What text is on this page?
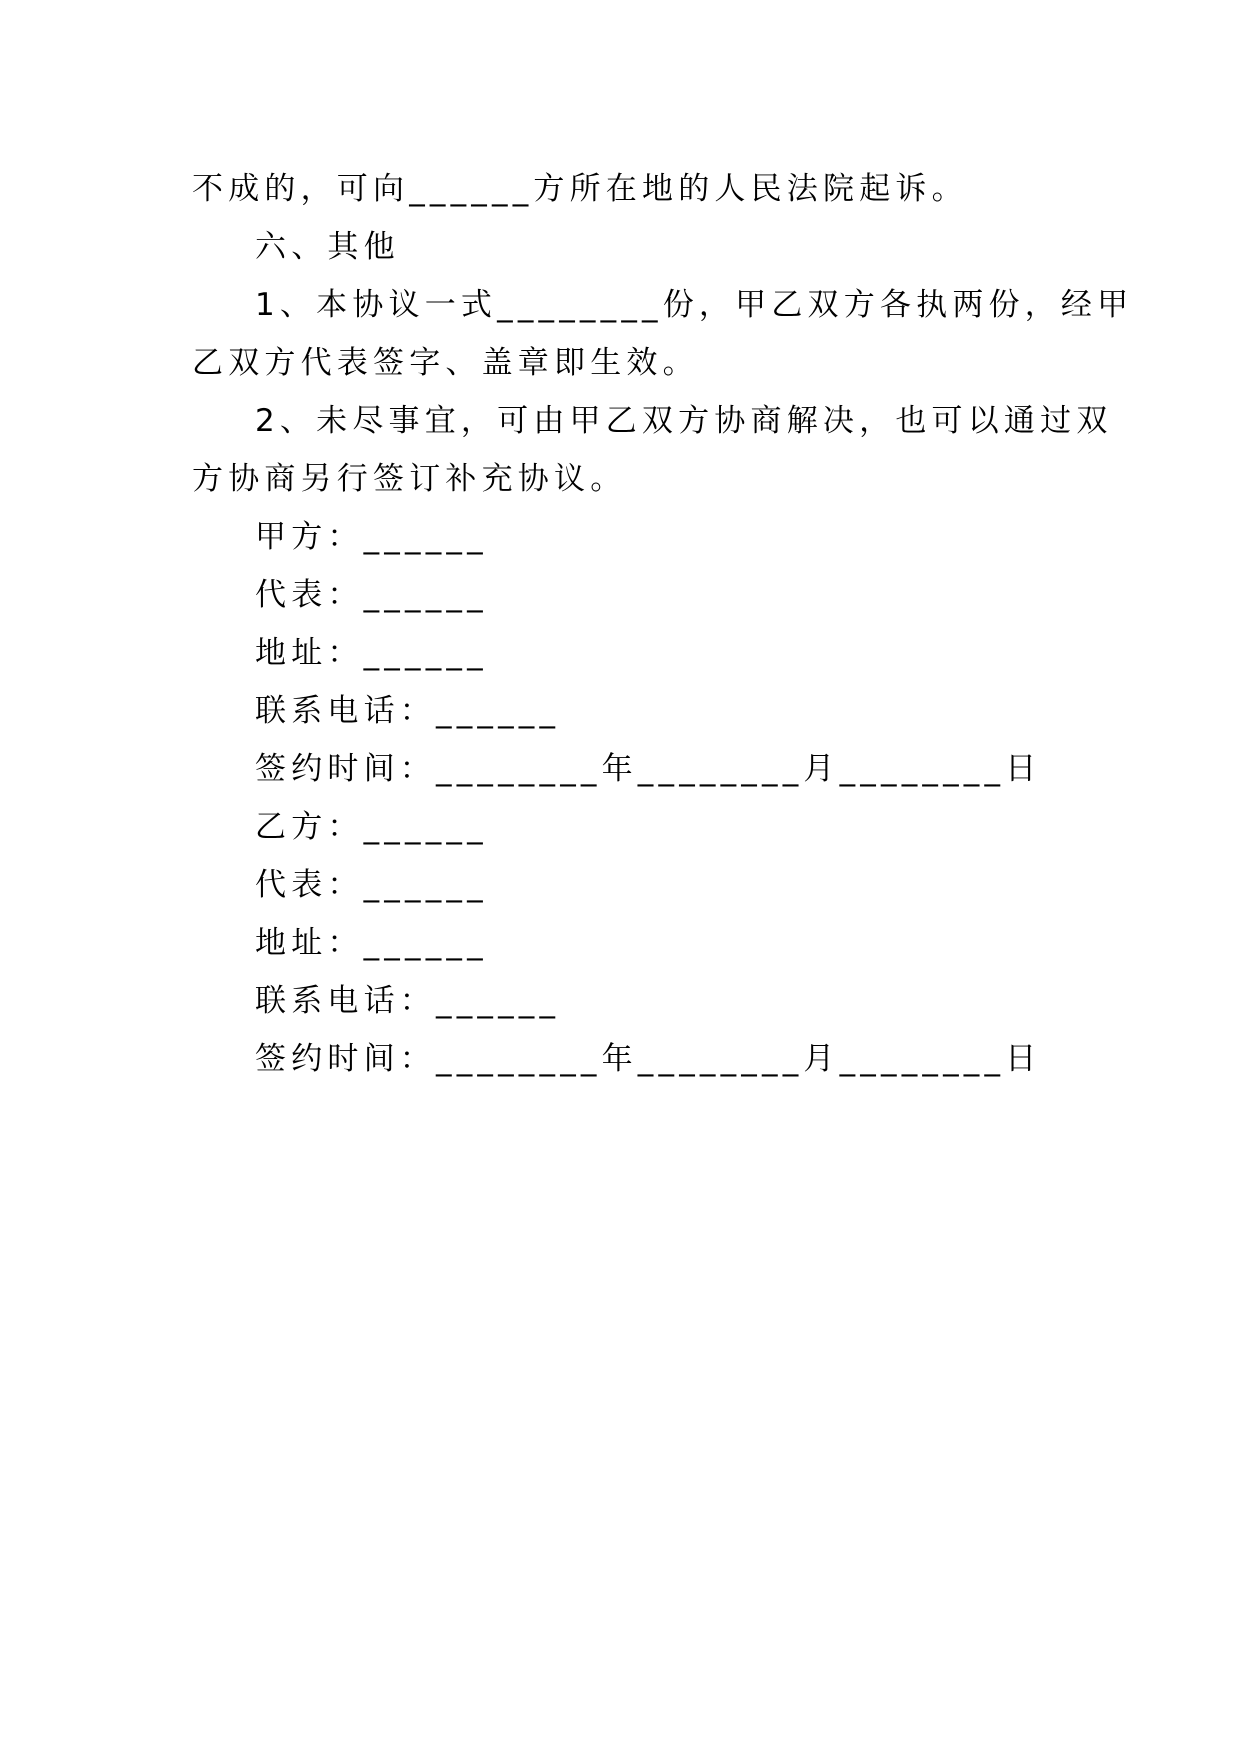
不成的，可向______方所在地的人民法院起诉。
六、其他
1、本协议一式________份，甲乙双方各执两份，经甲
乙双方代表签字、盖章即生效。
2、未尽事宜，可由甲乙双方协商解决，也可以通过双
方协商另行签订补充协议。
甲方：______
代表：______
地址：______
联系电话：______
签约时间：________年________月________日
乙方：______
代表：______
地址：______
联系电话：______
签约时间：________年________月________日
